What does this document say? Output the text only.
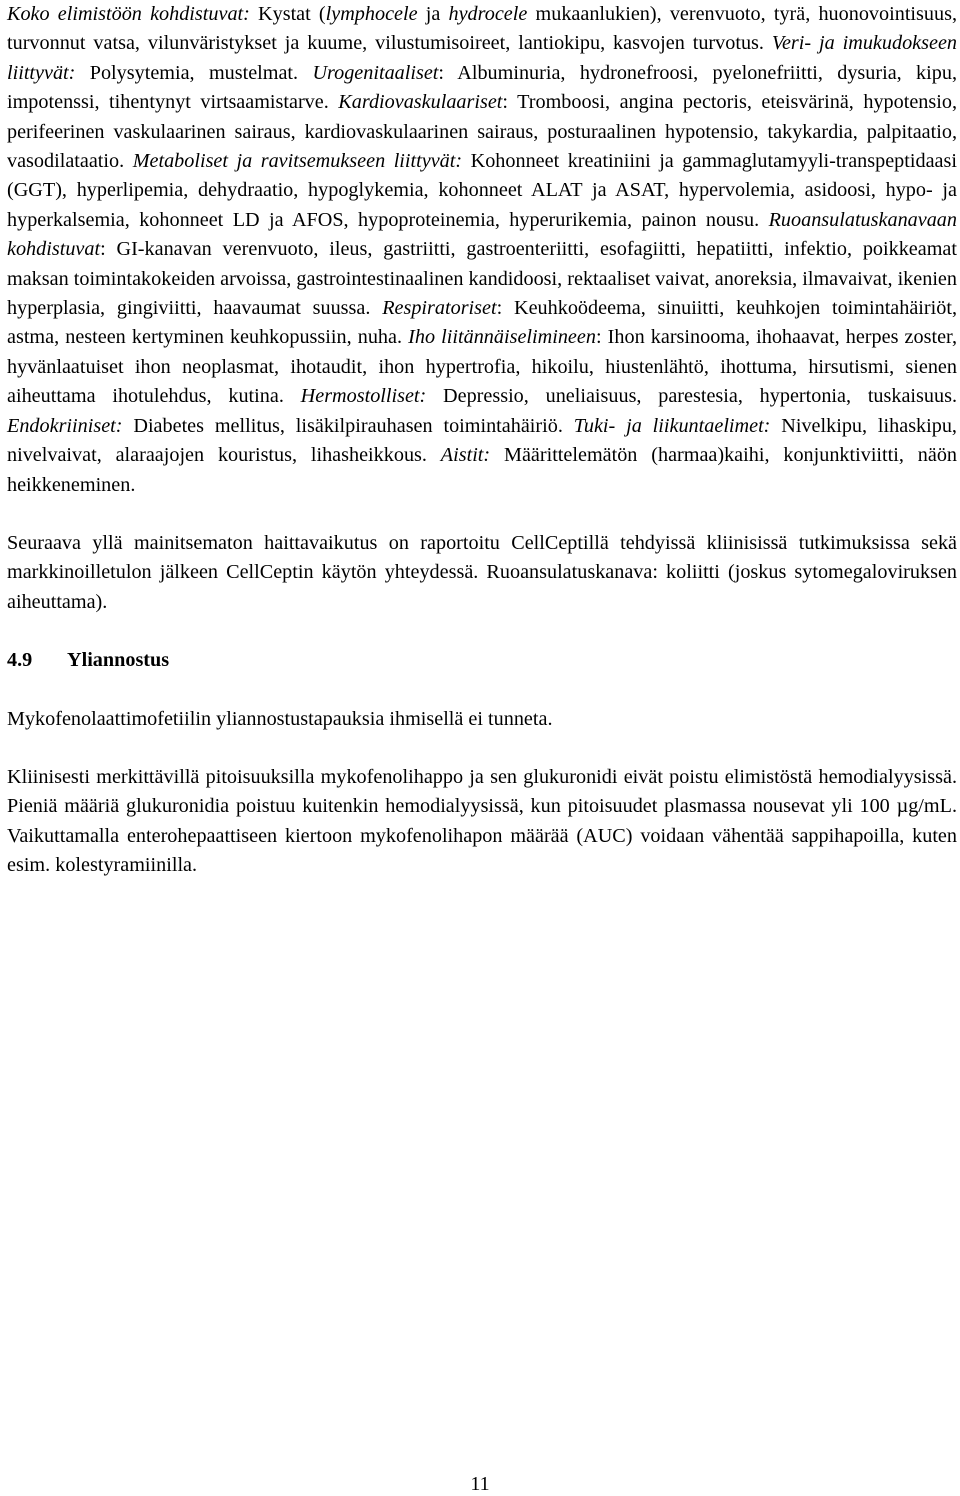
Koko elimistöön kohdistuvat: Kystat (lymphocele ja hydrocele mukaanlukien), verenvuoto, tyrä, huonovointisuus, turvonnut vatsa, vilunväristykset ja kuume, vilustumisoireet, lantiokipu, kasvojen turvotus. Veri- ja imukudokseen liittyvät: Polysytemia, mustelmat. Urogenitaaliset: Albuminuria, hydronefroosi, pyelonefriitti, dysuria, kipu, impotenssi, tihentynyt virtsaamistarve. Kardiovaskulaariset: Tromboosi, angina pectoris, eteisvärinä, hypotensio, perifeerinen vaskulaarinen sairaus, kardiovaskulaarinen sairaus, posturaalinen hypotensio, takykardia, palpitaatio, vasodilataatio. Metaboliset ja ravitsemukseen liittyvät: Kohonneet kreatiniini ja gammaglutamyyli-transpeptidaasi (GGT), hyperlipemia, dehydraatio, hypoglykemia, kohonneet ALAT ja ASAT, hypervolemia, asidoosi, hypo- ja hyperkalsemia, kohonneet LD ja AFOS, hypoproteinemia, hyperurikemia, painon nousu. Ruoansulatuskanavaan kohdistuvat: GI-kanavan verenvuoto, ileus, gastriitti, gastroenteriitti, esofagiitti, hepatiitti, infektio, poikkeamat maksan toimintakokeiden arvoissa, gastrointestinaalinen kandidoosi, rektaaliset vaivat, anoreksia, ilmavaivat, ikenien hyperplasia, gingiviitti, haavaumat suussa. Respiratoriset: Keuhkoödeema, sinuiitti, keuhkojen toimintahäiriöt, astma, nesteen kertyminen keuhkopussiin, nuha. Iho liitännäiselimineen: Ihon karsinooma, ihohaavat, herpes zoster, hyvänlaatuiset ihon neoplasmat, ihotaudit, ihon hypertrofia, hikoilu, hiustenlähtö, ihottuma, hirsutismi, sienen aiheuttama ihotulehdus, kutina. Hermostolliset: Depressio, uneliaisuus, parestesia, hypertonia, tuskaisuus. Endokriiniset: Diabetes mellitus, lisäkilpirauhasen toimintahäiriö. Tuki- ja liikuntaelimet: Nivelkipu, lihaskipu, nivelvaivat, alaraajojen kouristus, lihasheikkous. Aistit: Määrittelemätön (harmaa)kaihi, konjunktiviitti, näön heikkeneminen.

Seuraava yllä mainitsematon haittavaikutus on raportoitu CellCeptillä tehdyissä kliinisissä tutkimuksissa sekä markkinoilletulon jälkeen CellCeptin käytön yhteydessä. Ruoansulatuskanava: koliitti (joskus sytomegaloviruksen aiheuttama).

4.9 Yliannostus

Mykofenolaattimofetiilin yliannostustapauksia ihmisellä ei tunneta.

Kliinisesti merkittävillä pitoisuuksilla mykofenolihappo ja sen glukuronidi eivät poistu elimistöstä hemodialyysissä. Pieniä määriä glukuronidia poistuu kuitenkin hemodialyysissä, kun pitoisuudet plasmassa nousevat yli 100 µg/mL. Vaikuttamalla enterohepaattiseen kiertoon mykofenolihapon määrää (AUC) voidaan vähentää sappihapoilla, kuten esim. kolestyramiinilla.

11
